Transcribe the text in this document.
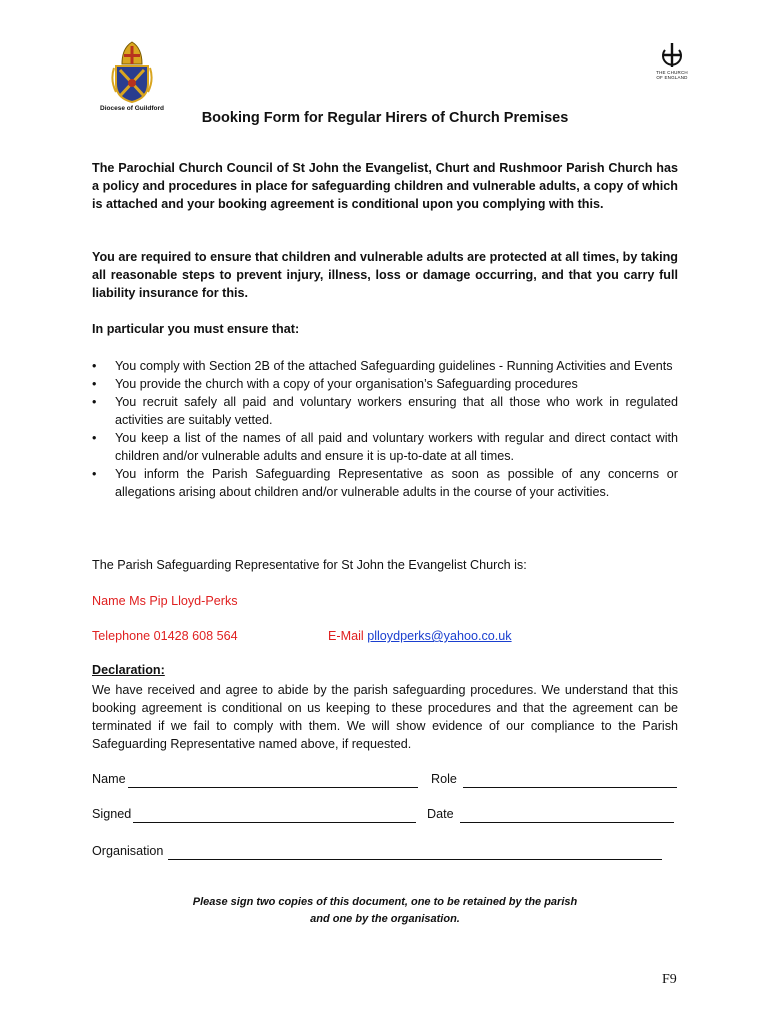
Diocese of Guildford
THE CHURCH
OF ENGLAND
Booking Form for Regular Hirers of Church Premises

The Parochial Church Council of St John the Evangelist, Churt and Rushmoor Parish Church has a policy and procedures in place for safeguarding children and vulnerable adults, a copy of which is attached and your booking agreement is conditional upon you complying with this.

You are required to ensure that children and vulnerable adults are protected at all times, by taking all reasonable steps to prevent injury, illness, loss or damage occurring, and that you carry full liability insurance for this.

In particular you must ensure that:

• You comply with Section 2B of the attached Safeguarding guidelines - Running Activities and Events
• You provide the church with a copy of your organisation’s Safeguarding procedures
• You recruit safely all paid and voluntary workers ensuring that all those who work in regulated activities are suitably vetted.
• You keep a list of the names of all paid and voluntary workers with regular and direct contact with children and/or vulnerable adults and ensure it is up-to-date at all times.
• You inform the Parish Safeguarding Representative as soon as possible of any concerns or allegations arising about children and/or vulnerable adults in the course of your activities.
The Parish Safeguarding Representative for St John the Evangelist Church is:
Name Ms Pip Lloyd-Perks
Telephone 01428 608 564	E-Mail plloydperks@yahoo.co.uk
Declaration:

We have received and agree to abide by the parish safeguarding procedures. We understand that this booking agreement is conditional on us keeping to these procedures and that the agreement can be terminated if we fail to comply with them. We will show evidence of our compliance to the Parish Safeguarding Representative named above, if requested.

Name	Role
Signed	Date
Organisation
Please sign two copies of this document, one to be retained by the parish
and one by the organisation.
F9
